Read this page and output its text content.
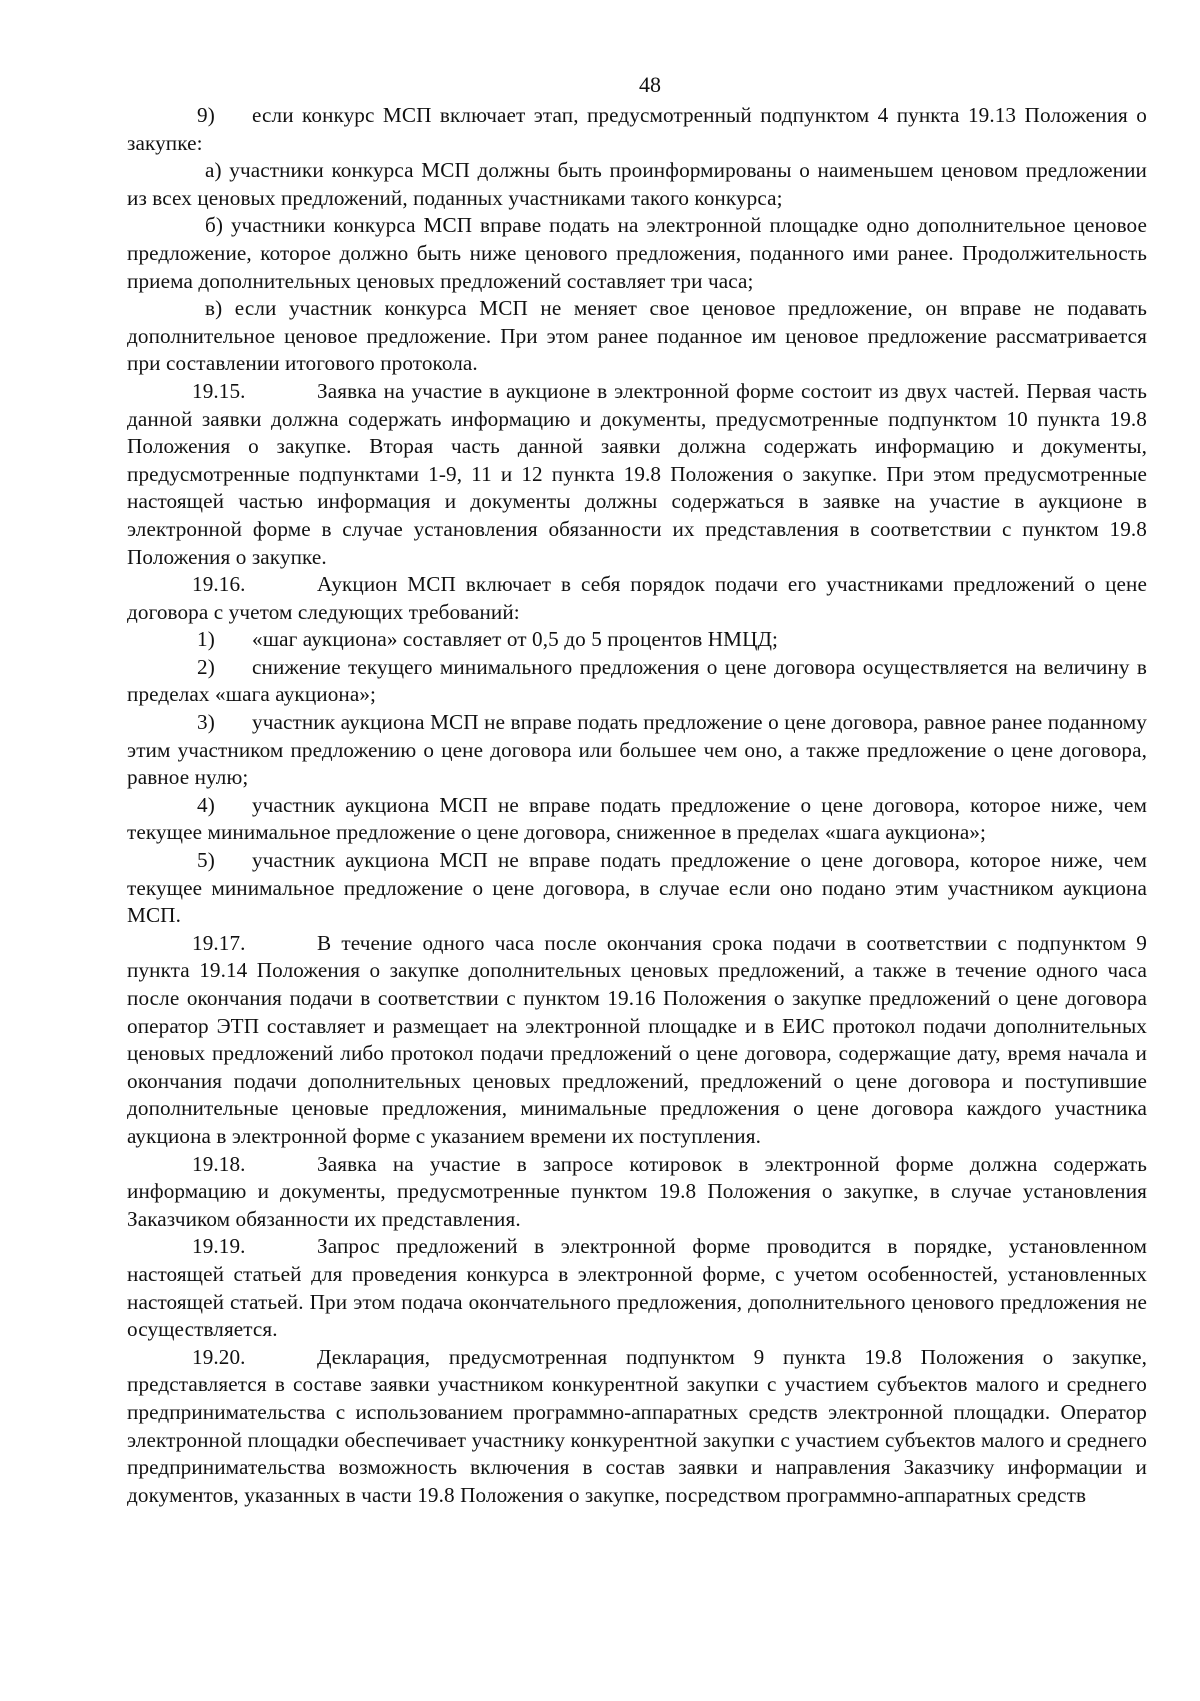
48

9) если конкурс МСП включает этап, предусмотренный подпунктом 4 пункта 19.13 Положения о закупке:

а) участники конкурса МСП должны быть проинформированы о наименьшем ценовом предложении из всех ценовых предложений, поданных участниками такого конкурса;

б) участники конкурса МСП вправе подать на электронной площадке одно дополнительное ценовое предложение, которое должно быть ниже ценового предложения, поданного ими ранее. Продолжительность приема дополнительных ценовых предложений составляет три часа;

в) если участник конкурса МСП не меняет свое ценовое предложение, он вправе не подавать дополнительное ценовое предложение. При этом ранее поданное им ценовое предложение рассматривается при составлении итогового протокола.

19.15.	Заявка на участие в аукционе в электронной форме состоит из двух частей. Первая часть данной заявки должна содержать информацию и документы, предусмотренные подпунктом 10 пункта 19.8 Положения о закупке. Вторая часть данной заявки должна содержать информацию и документы, предусмотренные подпунктами 1-9, 11 и 12 пункта 19.8 Положения о закупке. При этом предусмотренные настоящей частью информация и документы должны содержаться в заявке на участие в аукционе в электронной форме в случае установления обязанности их представления в соответствии с пунктом 19.8 Положения о закупке.

19.16.	Аукцион МСП включает в себя порядок подачи его участниками предложений о цене договора с учетом следующих требований:

1) «шаг аукциона» составляет от 0,5 до 5 процентов НМЦД;

2) снижение текущего минимального предложения о цене договора осуществляется на величину в пределах «шага аукциона»;

3) участник аукциона МСП не вправе подать предложение о цене договора, равное ранее поданному этим участником предложению о цене договора или большее чем оно, а также предложение о цене договора, равное нулю;

4) участник аукциона МСП не вправе подать предложение о цене договора, которое ниже, чем текущее минимальное предложение о цене договора, сниженное в пределах «шага аукциона»;

5) участник аукциона МСП не вправе подать предложение о цене договора, которое ниже, чем текущее минимальное предложение о цене договора, в случае если оно подано этим участником аукциона МСП.

19.17.	В течение одного часа после окончания срока подачи в соответствии с подпунктом 9 пункта 19.14 Положения о закупке дополнительных ценовых предложений, а также в течение одного часа после окончания подачи в соответствии с пунктом 19.16 Положения о закупке предложений о цене договора оператор ЭТП составляет и размещает на электронной площадке и в ЕИС протокол подачи дополнительных ценовых предложений либо протокол подачи предложений о цене договора, содержащие дату, время начала и окончания подачи дополнительных ценовых предложений, предложений о цене договора и поступившие дополнительные ценовые предложения, минимальные предложения о цене договора каждого участника аукциона в электронной форме с указанием времени их поступления.

19.18.	Заявка на участие в запросе котировок в электронной форме должна содержать информацию и документы, предусмотренные пунктом 19.8 Положения о закупке, в случае установления Заказчиком обязанности их представления.

19.19.	Запрос предложений в электронной форме проводится в порядке, установленном настоящей статьей для проведения конкурса в электронной форме, с учетом особенностей, установленных настоящей статьей. При этом подача окончательного предложения, дополнительного ценового предложения не осуществляется.

19.20.	Декларация, предусмотренная подпунктом 9 пункта 19.8 Положения о закупке, представляется в составе заявки участником конкурентной закупки с участием субъектов малого и среднего предпринимательства с использованием программно-аппаратных средств электронной площадки. Оператор электронной площадки обеспечивает участнику конкурентной закупки с участием субъектов малого и среднего предпринимательства возможность включения в состав заявки и направления Заказчику информации и документов, указанных в части 19.8 Положения о закупке, посредством программно-аппаратных средств
